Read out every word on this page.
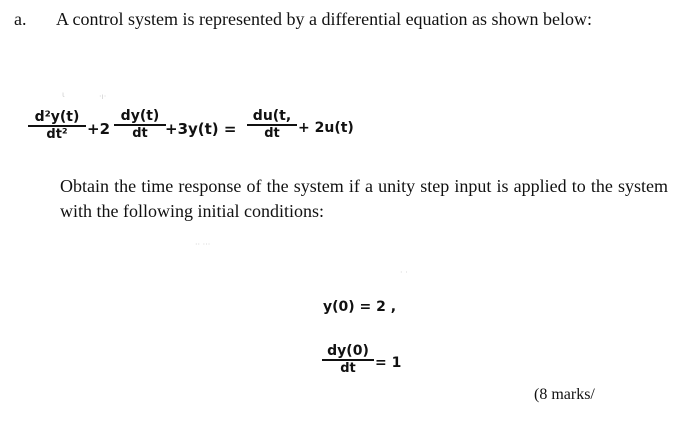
a. A control system is represented by a differential equation as shown below:
ι	·ı·
d²y(t)
dt² +2
dy(t)
dt +3y(t) =
du(t,
dt + 2u(t)
Obtain the time response of the system if a unity step input is applied to the system with the following initial conditions:
·· ···
· ·
y(0) = 2 ,
dy(0)
dt = 1
(8 marks/
